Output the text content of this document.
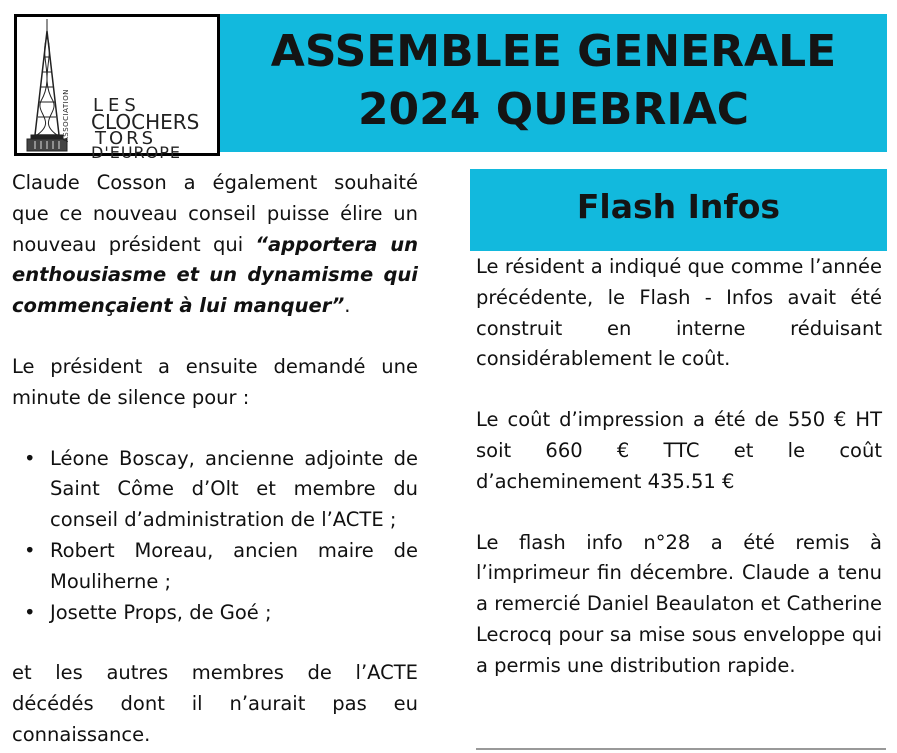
LES
CLOCHERS
TORS
D'EUROPE
ASSOCIATION
ASSEMBLEE GENERALE
2024 QUEBRIAC

Claude Cosson a également souhaité que ce nouveau conseil puisse élire un nouveau président qui “apportera un enthousiasme et un dynamisme qui commençaient à lui manquer”.

Le président a ensuite demandé une minute de silence pour :

• Léone Boscay, ancienne adjointe de Saint Côme d’Olt et membre du conseil d’administration de l’ACTE ;
• Robert Moreau, ancien maire de Mouliherne ;
• Josette Props, de Goé ;

et les autres membres de l’ACTE décédés dont il n’aurait pas eu connaissance.

Flash Infos

Le résident a indiqué que comme l’année précédente, le Flash - Infos avait été construit en interne réduisant considérablement le coût.

Le coût d’impression a été de 550 € HT soit 660 € TTC et le coût d’acheminement 435.51 €

Le flash info n°28 a été remis à l’imprimeur fin décembre. Claude a tenu a remercié Daniel Beaulaton et Catherine Lecrocq pour sa mise sous enveloppe qui a permis une distribution rapide.
